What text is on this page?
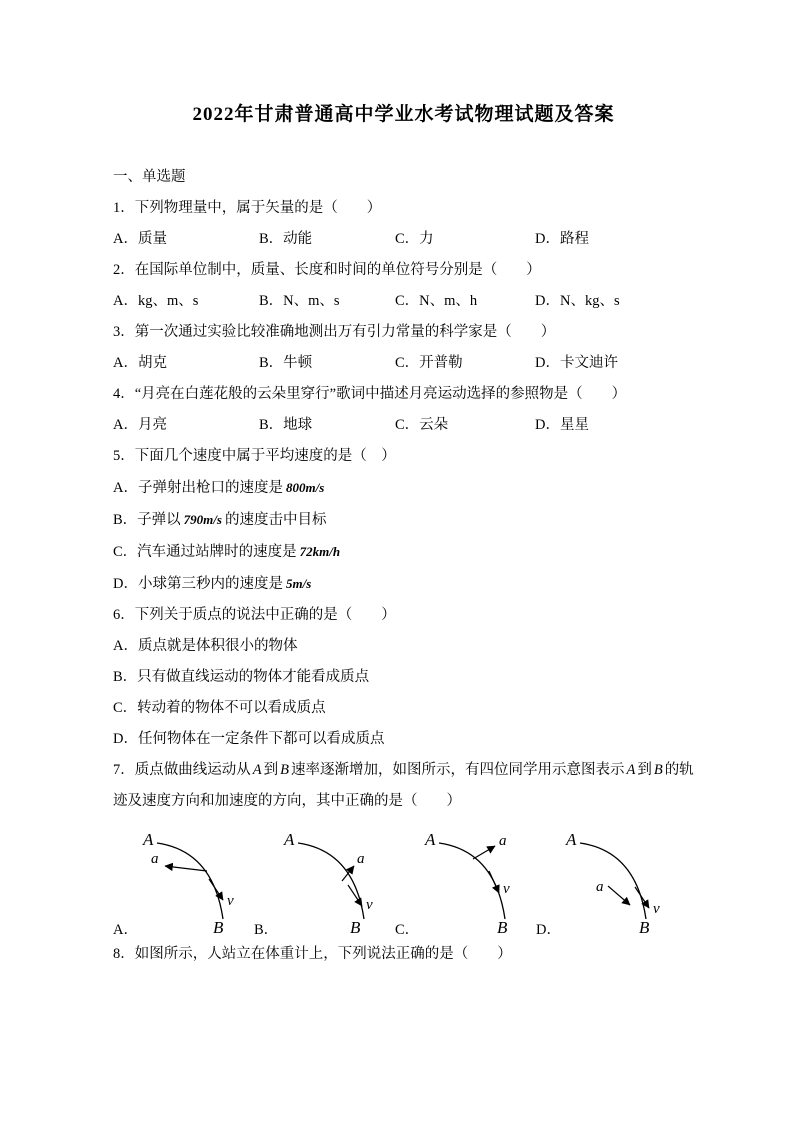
2022年甘肃普通高中学业水考试物理试题及答案

一、单选题

1．下列物理量中，属于矢量的是（　　）

A．质量	B．动能	C．力	D．路程

2．在国际单位制中，质量、长度和时间的单位符号分别是（　　）

A．kg、m、s	B．N、m、s	C．N、m、h	D．N、kg、s

3．第一次通过实验比较准确地测出万有引力常量的科学家是（　　）

A．胡克	B．牛顿	C．开普勒	D．卡文迪许

4．“月亮在白莲花般的云朵里穿行”歌词中描述月亮运动选择的参照物是（　　）

A．月亮	B．地球	C．云朵	D．星星

5．下面几个速度中属于平均速度的是（　）

A．子弹射出枪口的速度是 800m/s

B．子弹以 790m/s 的速度击中目标

C．汽车通过站牌时的速度是 72km/h

D．小球第三秒内的速度是 5m/s

6．下列关于质点的说法中正确的是（　　）

A．质点就是体积很小的物体

B．只有做直线运动的物体才能看成质点

C．转动着的物体不可以看成质点

D．任何物体在一定条件下都可以看成质点

7．质点做曲线运动从 A 到 B 速率逐渐增加，如图所示，有四位同学用示意图表示 A 到 B 的轨迹及速度方向和加速度的方向，其中正确的是（　　）

A．
A
a
v
B B．
A
a
v
B C．
A	a
v
B D．
A
a
v
B

8．如图所示，人站立在体重计上，下列说法正确的是（　　）
